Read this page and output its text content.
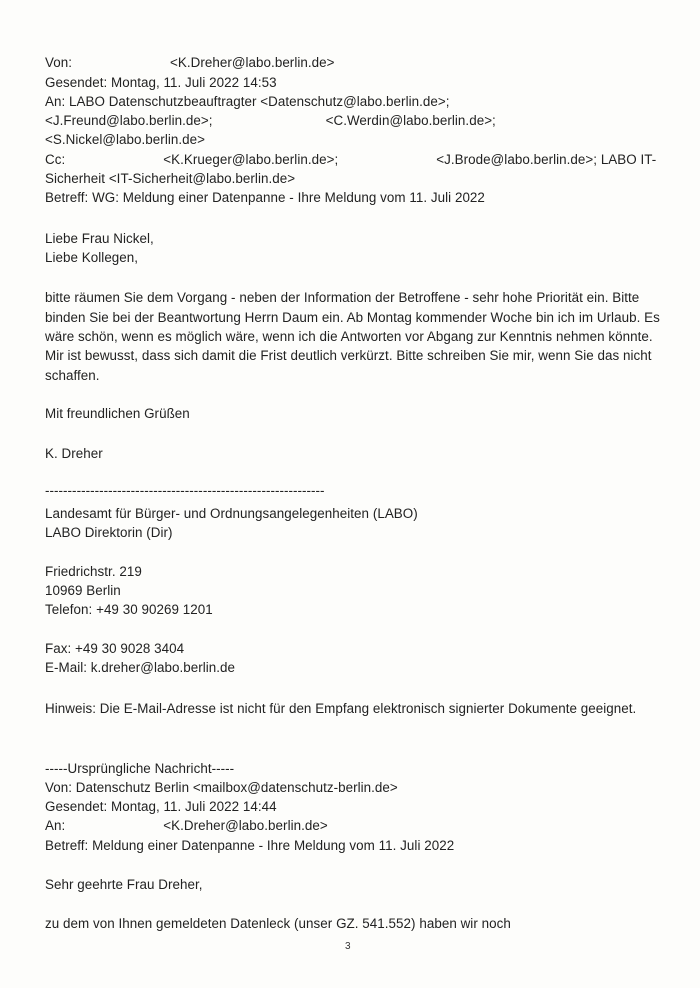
Von:                          <K.Dreher@labo.berlin.de>
Gesendet: Montag, 11. Juli 2022 14:53
An: LABO Datenschutzbeauftragter <Datenschutz@labo.berlin.de>;
<J.Freund@labo.berlin.de>;                              <C.Werdin@labo.berlin.de>;
<S.Nickel@labo.berlin.de>
Cc:                          <K.Krueger@labo.berlin.de>;                          <J.Brode@labo.berlin.de>; LABO IT-
Sicherheit <IT-Sicherheit@labo.berlin.de>
Betreff: WG: Meldung einer Datenpanne - Ihre Meldung vom 11. Juli 2022
Liebe Frau Nickel,
Liebe Kollegen,
bitte räumen Sie dem Vorgang - neben der Information der Betroffene - sehr hohe Priorität ein. Bitte
binden Sie bei der Beantwortung Herrn Daum ein. Ab Montag kommender Woche bin ich im Urlaub. Es
wäre schön, wenn es möglich wäre, wenn ich die Antworten vor Abgang zur Kenntnis nehmen könnte.
Mir ist bewusst, dass sich damit die Frist deutlich verkürzt. Bitte schreiben Sie mir, wenn Sie das nicht
schaffen.
Mit freundlichen Grüßen
K. Dreher
--------------------------------------------------------------
Landesamt für Bürger- und Ordnungsangelegenheiten (LABO)
LABO Direktorin (Dir)
Friedrichstr. 219
10969 Berlin
Telefon: +49 30 90269 1201
Fax: +49 30 9028 3404
E-Mail: k.dreher@labo.berlin.de
Hinweis: Die E-Mail-Adresse ist nicht für den Empfang elektronisch signierter Dokumente geeignet.
-----Ursprüngliche Nachricht-----
Von: Datenschutz Berlin <mailbox@datenschutz-berlin.de>
Gesendet: Montag, 11. Juli 2022 14:44
An:                          <K.Dreher@labo.berlin.de>
Betreff: Meldung einer Datenpanne - Ihre Meldung vom 11. Juli 2022
Sehr geehrte Frau Dreher,
zu dem von Ihnen gemeldeten Datenleck (unser GZ. 541.552) haben wir noch
3
